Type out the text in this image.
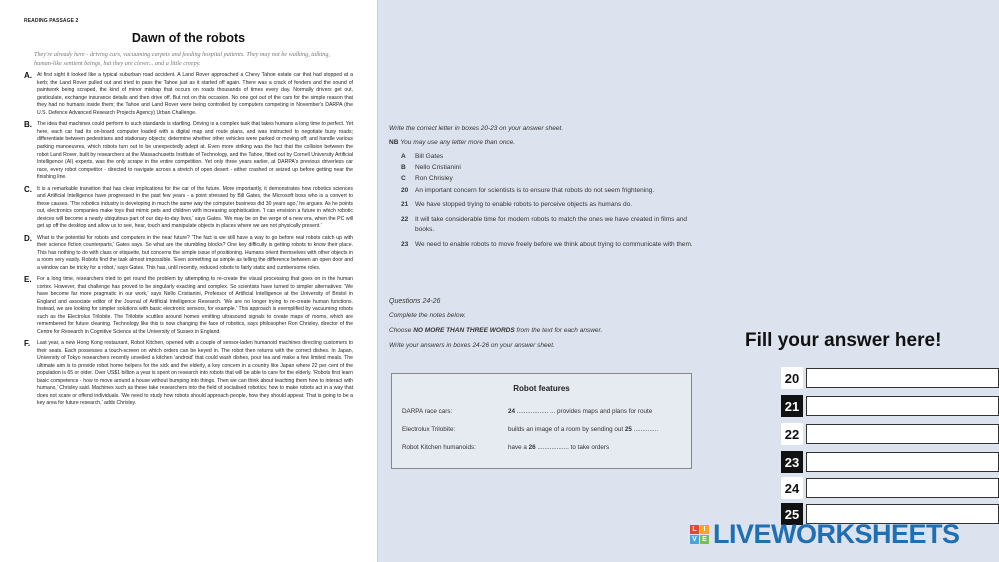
READING PASSAGE 2
Dawn of the robots
They're already here - driving cars, vacuuming carpets and feeding hospital patients. They may not be walking, talking, human-like sentient beings, but they are clever... and a little creepy.
A. At first sight it looked like a typical suburban road accident. A Land Rover approached a Chevy Tahoe estate car that had stopped at a kerb; the Land Rover pulled out and tried to pass the Tahoe just as it started off again. There was a crack of fenders and the sound of paintwork being scraped, the kind of minor mishap that occurs on roads thousands of times every day. Normally drivers get out, gesticulate, exchange insurance details and then drive off. But not on this occasion. No one got out of the cars for the simple reason that they had no humans inside them; the Tahoe and Land Rover were being controlled by computers competing in November's DARPA (the U.S. Defence Advanced Research Projects Agency) Urban Challenge.
B. The idea that machines could perform to such standards is startling. Driving is a complex task that takes humans a long time to perfect. Yet here, each car had its on-board computer loaded with a digital map and route plans, and was instructed to negotiate busy roads; differentiate between pedestrians and stationary objects; determine whether other vehicles were parked or moving off; and handle various parking manoeuvres, which robots turn out to be unexpectedly adept at. Even more striking was the fact that the collision between the robot Land Rover, built by researchers at the Massachusetts Institute of Technology, and the Tahoe, fitted out by Cornell University Artificial Intelligence (AI) experts, was the only scrape in the entire competition. Yet only three years earlier, at DARPA's previous driverless car race, every robot competitor - directed to navigate across a stretch of open desert - either crashed or seized up before getting near the finishing line.
C. It is a remarkable transition that has clear implications for the car of the future. More importantly, it demonstrates how robotics sciences and Artificial Intelligence have progressed in the past few years - a point stressed by Bill Gates, the Microsoft boss who is a convert to these causes. 'The robotics industry is developing in much the same way the computer business did 30 years ago,' he argues. As he points out, electronics companies make toys that mimic pets and children with increasing sophistication. 'I can envision a future in which robotic devices will become a nearly ubiquitous part of our day-to-day lives,' says Gates. 'We may be on the verge of a new era, when the PC will get up off the desktop and allow us to see, hear, touch and manipulate objects in places where we are not physically present.'
D. What is the potential for robots and computers in the near future? 'The fact is we still have a way to go before real robots catch up with their science fiction counterparts,' Gates says. So what are the stumbling blocks? One key difficulty is getting robots to know their place. This has nothing to do with class or etiquette, but concerns the simple issue of positioning. Humans orient themselves with other objects in a room very easily. Robots find the task almost impossible. 'Even something as simple as telling the difference between an open door and a window can be tricky for a robot,' says Gates. This has, until recently, reduced robots to fairly static and cumbersome roles.
E.	For a long time, researchers tried to get round the problem by attempting to re-create the visual processing that goes on in the human cortex. However, that challenge has proved to be singularly exacting and complex. So scientists have turned to simpler alternatives: 'We have become far more pragmatic in our work,' says Nello Cristianini, Professor of Artificial Intelligence at the University of Bristol in England and associate editor of the Journal of Artificial Intelligence Research. 'We are no longer trying to re-create human functions. Instead, we are looking for simpler solutions with basic electronic sensors, for example.' This approach is exemplified by vacuuming robots such as the Electrolux Trilobite. The Trilobite scuttles around homes emitting ultrasound signals to create maps of rooms, which are remembered for future cleaning. Technology like this is now changing the face of robotics, says philosopher Ron Chrisley, director of the Centre for Research in Cognitive Science at the University of Sussex in England.
F.	Last year, a new Hong Kong restaurant, Robot Kitchen, opened with a couple of sensor-laden humanoid machines directing customers to their seats. Each possesses a touch-screen on which orders can be keyed in. The robot then returns with the correct dishes. In Japan, University of Tokyo researchers recently unveiled a kitchen 'android' that could wash dishes, pour tea and make a few limited meals. The ultimate aim is to provide robot home helpers for the sick and the elderly, a key concern in a country like Japan where 22 per cent of the population is 65 or older. Over US$1 billion a year is spent on research into robots that will be able to care for the elderly. 'Robots first learn basic competence - how to move around a house without bumping into things. Then we can think about teaching them how to interact with humans,' Chrisley said. Machines such as these take researchers into the field of socialised robotics: how to make robots act in a way that does not scare or offend individuals. 'We need to study how robots should approach people, how they should appear. That is going to be a key area for future research,' adds Chrisley.
Write the correct letter in boxes 20-23 on your answer sheet.
NB You may use any letter more than once.
A	Bill Gates
B	Nello Cristianini
C	Ron Chrisley
20	An important concern for scientists is to ensure that robots do not seem frightening.
21	We have stopped trying to enable robots to perceive objects as humans do.
22	It will take considerable time for modern robots to match the ones we have created in films and books.
23	We need to enable robots to move freely before we think about trying to communicate with them.
Questions 24-26
Complete the notes below.
Choose NO MORE THAN THREE WORDS from the text for each answer.
Write your answers in boxes 24-26 on your answer sheet.
Robot features
DARPA race cars:	24 .................. ... provides maps and plans for route
Electrolux Trilobite:	builds an image of a room by sending out 25 ..............
Robot Kitchen humanoids:	have a 26 .................. to take orders
Fill your answer here!
20
21
22
23
24
25
L I
V E LIVEWORKSHEETS
